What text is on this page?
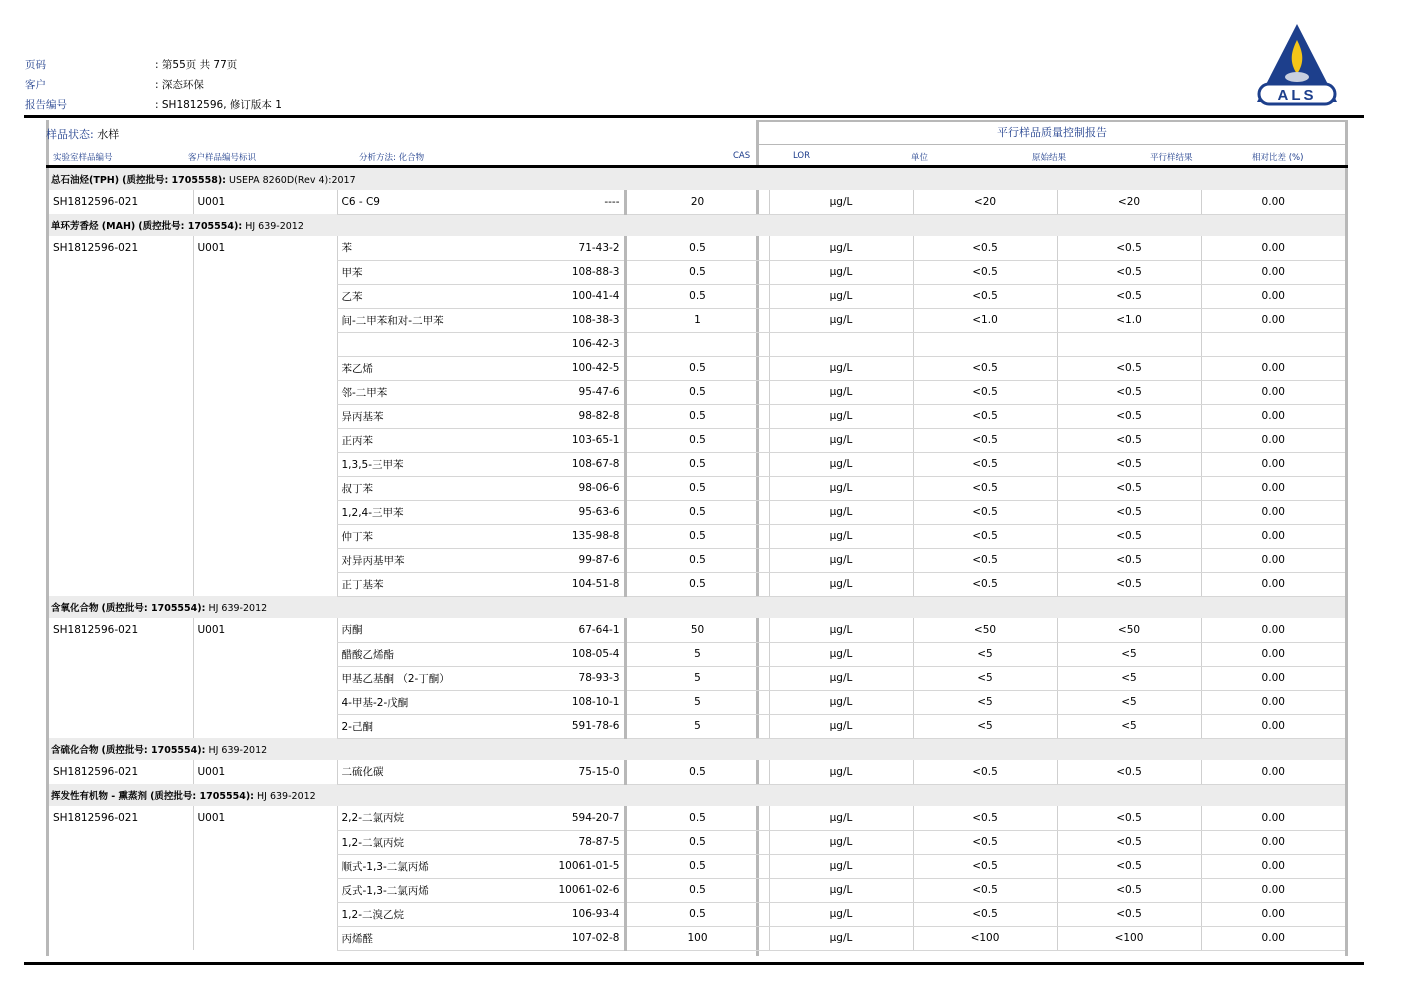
页码	: 第55页 共 77页
客户	: 深态环保
报告编号	: SH1812596, 修订版本 1
ALS
样品状态: 水样	平行样品质量控制报告
实验室样品编号	客户样品编号标识	分析方法: 化合物	CAS	LOR	单位	原始结果	平行样结果	相对比差 (%)
总石油烃(TPH) (质控批号: 1705558): USEPA 8260D(Rev 4):2017								
SH1812596-021	U001	C6 - C9	----	20	µg/L	<20	<20	0.00
单环芳香烃 (MAH) (质控批号: 1705554): HJ 639-2012								
SH1812596-021	U001	苯	71-43-2	0.5	µg/L	<0.5	<0.5	0.00
		甲苯	108-88-3	0.5	µg/L	<0.5	<0.5	0.00
		乙苯	100-41-4	0.5	µg/L	<0.5	<0.5	0.00
		间-二甲苯和对-二甲苯	108-38-3	1	µg/L	<1.0	<1.0	0.00
			106-42-3					
		苯乙烯	100-42-5	0.5	µg/L	<0.5	<0.5	0.00
		邻-二甲苯	95-47-6	0.5	µg/L	<0.5	<0.5	0.00
		异丙基苯	98-82-8	0.5	µg/L	<0.5	<0.5	0.00
		正丙苯	103-65-1	0.5	µg/L	<0.5	<0.5	0.00
		1,3,5-三甲苯	108-67-8	0.5	µg/L	<0.5	<0.5	0.00
		叔丁苯	98-06-6	0.5	µg/L	<0.5	<0.5	0.00
		1,2,4-三甲苯	95-63-6	0.5	µg/L	<0.5	<0.5	0.00
		仲丁苯	135-98-8	0.5	µg/L	<0.5	<0.5	0.00
		对异丙基甲苯	99-87-6	0.5	µg/L	<0.5	<0.5	0.00
		正丁基苯	104-51-8	0.5	µg/L	<0.5	<0.5	0.00
含氧化合物 (质控批号: 1705554): HJ 639-2012								
SH1812596-021	U001	丙酮	67-64-1	50	µg/L	<50	<50	0.00
		醋酸乙烯酯	108-05-4	5	µg/L	<5	<5	0.00
		甲基乙基酮 （2-丁酮）	78-93-3	5	µg/L	<5	<5	0.00
		4-甲基-2-戊酮	108-10-1	5	µg/L	<5	<5	0.00
		2-己酮	591-78-6	5	µg/L	<5	<5	0.00
含硫化合物 (质控批号: 1705554): HJ 639-2012								
SH1812596-021	U001	二硫化碳	75-15-0	0.5	µg/L	<0.5	<0.5	0.00
挥发性有机物 - 熏蒸剂 (质控批号: 1705554): HJ 639-2012								
SH1812596-021	U001	2,2-二氯丙烷	594-20-7	0.5	µg/L	<0.5	<0.5	0.00
		1,2-二氯丙烷	78-87-5	0.5	µg/L	<0.5	<0.5	0.00
		顺式-1,3-二氯丙烯	10061-01-5	0.5	µg/L	<0.5	<0.5	0.00
		反式-1,3-二氯丙烯	10061-02-6	0.5	µg/L	<0.5	<0.5	0.00
		1,2-二溴乙烷	106-93-4	0.5	µg/L	<0.5	<0.5	0.00
		丙烯醛	107-02-8	100	µg/L	<100	<100	0.00
